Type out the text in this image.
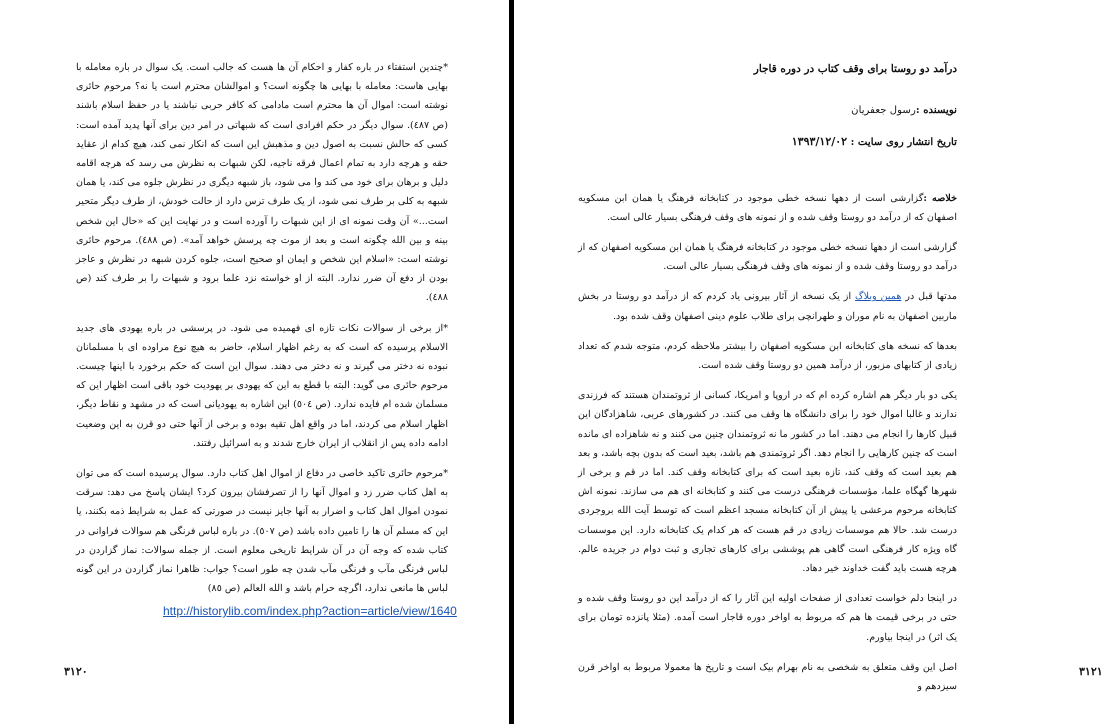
*چندین استفتاء در باره کفار و احکام آن ها هست که جالب است. یک سوال در باره معامله با بهایی هاست: معامله با بهایی ها چگونه است؟ و اموالشان محترم است یا نه؟ مرحوم حائری نوشته است: اموال آن ها محترم است مادامی که کافر حربی نباشند یا در حفظ اسلام باشند (ص ٤٨٧). سوال دیگر در حکم افرادی است که شبهاتی در امر دین برای آنها پدید آمده است: کسی که حالش نسبت به اصول دین و مذهبش این است که انکار نمی کند، هیچ کدام از عقاید حقه و هرچه دارد به تمام اعمال فرقه ناجیه، لکن شبهات به نظرش می رسد که هرچه اقامه دلیل و برهان برای خود می کند وا می شود، باز شبهه دیگری در نظرش جلوه می کند، یا همان شبهه به کلی بر طرف نمی شود، از یک طرف ترس دارد از حالت خودش، از طرف دیگر متحیر است...» آن وقت نمونه ای از این شبهات را آورده است و در نهایت این که «حال این شخص بینه و بین الله چگونه است و بعد از موت چه پرسش خواهد آمد». (ص ٤٨٨). مرحوم حائری نوشته است: «اسلام این شخص و ایمان او صحیح است، جلوه کردن شبهه در نظرش و عاجز بودن از دفع آن ضرر ندارد. البته از او خواسته نزد علما برود و شبهات را بر طرف کند (ص ٤٨٨).

*از برخی از سوالات نکات تازه ای فهمیده می شود. در پرسشی در باره یهودی های جدید الاسلام پرسیده که است که به رغم اظهار اسلام، حاضر به هیچ نوع مراوده ای با مسلمانان نبوده نه دختر می گیرند و نه دختر می دهند. سوال این است که حکم برخورد با اینها چیست. مرحوم حائری می گوید: البته با قطع به این که یهودی بر یهودیت خود باقی است اظهار این که مسلمان شده ام فایده ندارد. (ص ٥٠٤) این اشاره به یهودیانی است که در مشهد و نقاط دیگر، اظهار اسلام می کردند، اما در واقع اهل تقیه بوده و برخی از آنها حتی دو قرن به این وضعیت ادامه داده پس از انقلاب از ایران خارج شدند و به اسرائیل رفتند.

*مرحوم حائری تاکید خاصی در دفاع از اموال اهل کتاب دارد. سوال پرسیده است که می توان به اهل کتاب ضرر زد و اموال آنها را از تصرفشان بیرون کرد؟ ایشان پاسخ می دهد: سرقت نمودن اموال اهل کتاب و اضرار به آنها جایز نیست در صورتی که عمل به شرایط ذمه بکنند، یا این که مسلم آن ها را تامین داده باشد (ص ٥٠٧). در باره لباس فرنگی هم سوالات فراوانی در کتاب شده که وجه آن در آن شرایط تاریخی معلوم است. از جمله سوالات: نماز گزاردن در لباس فرنگی مآب و فرنگی مآب شدن چه طور است؟ جواب: ظاهرا نماز گزاردن در این گونه لباس ها مانعی ندارد، اگرچه حرام باشد و الله العالم (ص ٨٥)

http://historylib.com/index.php?action=article/view/1640
۳۱۲۰
درآمد دو روستا برای وقف کتاب در دوره قاجار
نویسنده :رسول جعفریان
تاریخ انتشار روی سایت : ۱۳۹۳/۱۲/۰۲

خلاصه :گزارشی است از دهها نسخه خطی موجود در کتابخانه فرهنگ یا همان ابن مسکویه اصفهان که از درآمد دو روستا وقف شده و از نمونه های وقف فرهنگی بسیار عالی است.

گزارشی است از دهها نسخه خطی موجود در کتابخانه فرهنگ یا همان ابن مسکویه اصفهان که از درآمد دو روستا وقف شده و از نمونه های وقف فرهنگی بسیار عالی است.

مدتها قبل در همین وبلاگ از یک نسخه از آثار بیرونی یاد کردم که از درآمد دو روستا در بخش ماربین اصفهان به نام موران و طهرانچی برای طلاب علوم دینی اصفهان وقف شده بود.

بعدها که نسخه های کتابخانه ابن مسکویه اصفهان را بیشتر ملاحظه کردم، متوجه شدم که تعداد زیادی از کتابهای مزبور، از درآمد همین دو روستا وقف شده است.

یکی دو بار دیگر هم اشاره کرده ام که در اروپا و امریکا، کسانی از ثروتمندان هستند که فرزندی ندارند و غالبا اموال خود را برای دانشگاه ها وقف می کنند. در کشورهای عربی، شاهزادگان این قبیل کارها را انجام می دهند. اما در کشور ما نه ثروتمندان چنین می کنند و نه شاهزاده ای مانده است که چنین کارهایی را انجام دهد. اگر ثروتمندی هم باشد، بعید است که بدون بچه باشد، و بعد هم بعید است که وقف کند، تازه بعید است که برای کتابخانه وقف کند. اما در قم و برخی از شهرها گهگاه علما، مؤسسات فرهنگی درست می کنند و کتابخانه ای هم می سازند. نمونه اش کتابخانه مرحوم مرعشی یا پیش از آن کتابخانه مسجد اعظم است که توسط آیت الله بروجردی درست شد. حالا هم موسسات زیادی در قم هست که هر کدام یک کتابخانه دارد. این موسسات گاه ویژه کار فرهنگی است گاهی هم پوششی برای کارهای تجاری و ثبت دوام در جریده عالم. هرچه هست باید گفت خداوند خیر دهاد.

در اینجا دلم خواست تعدادی از صفحات اولیه این آثار را که از درآمد این دو روستا وقف شده و حتی در برخی قیمت ها هم که مربوط به اواخر دوره قاجار است آمده. (مثلا پانزده تومان برای یک اثر) در اینجا بیاورم.

اصل این وقف متعلق به شخصی به نام بهرام بیک است و تاریخ ها معمولا مربوط به اواخر قرن سیزدهم و

۳۱۲۱
